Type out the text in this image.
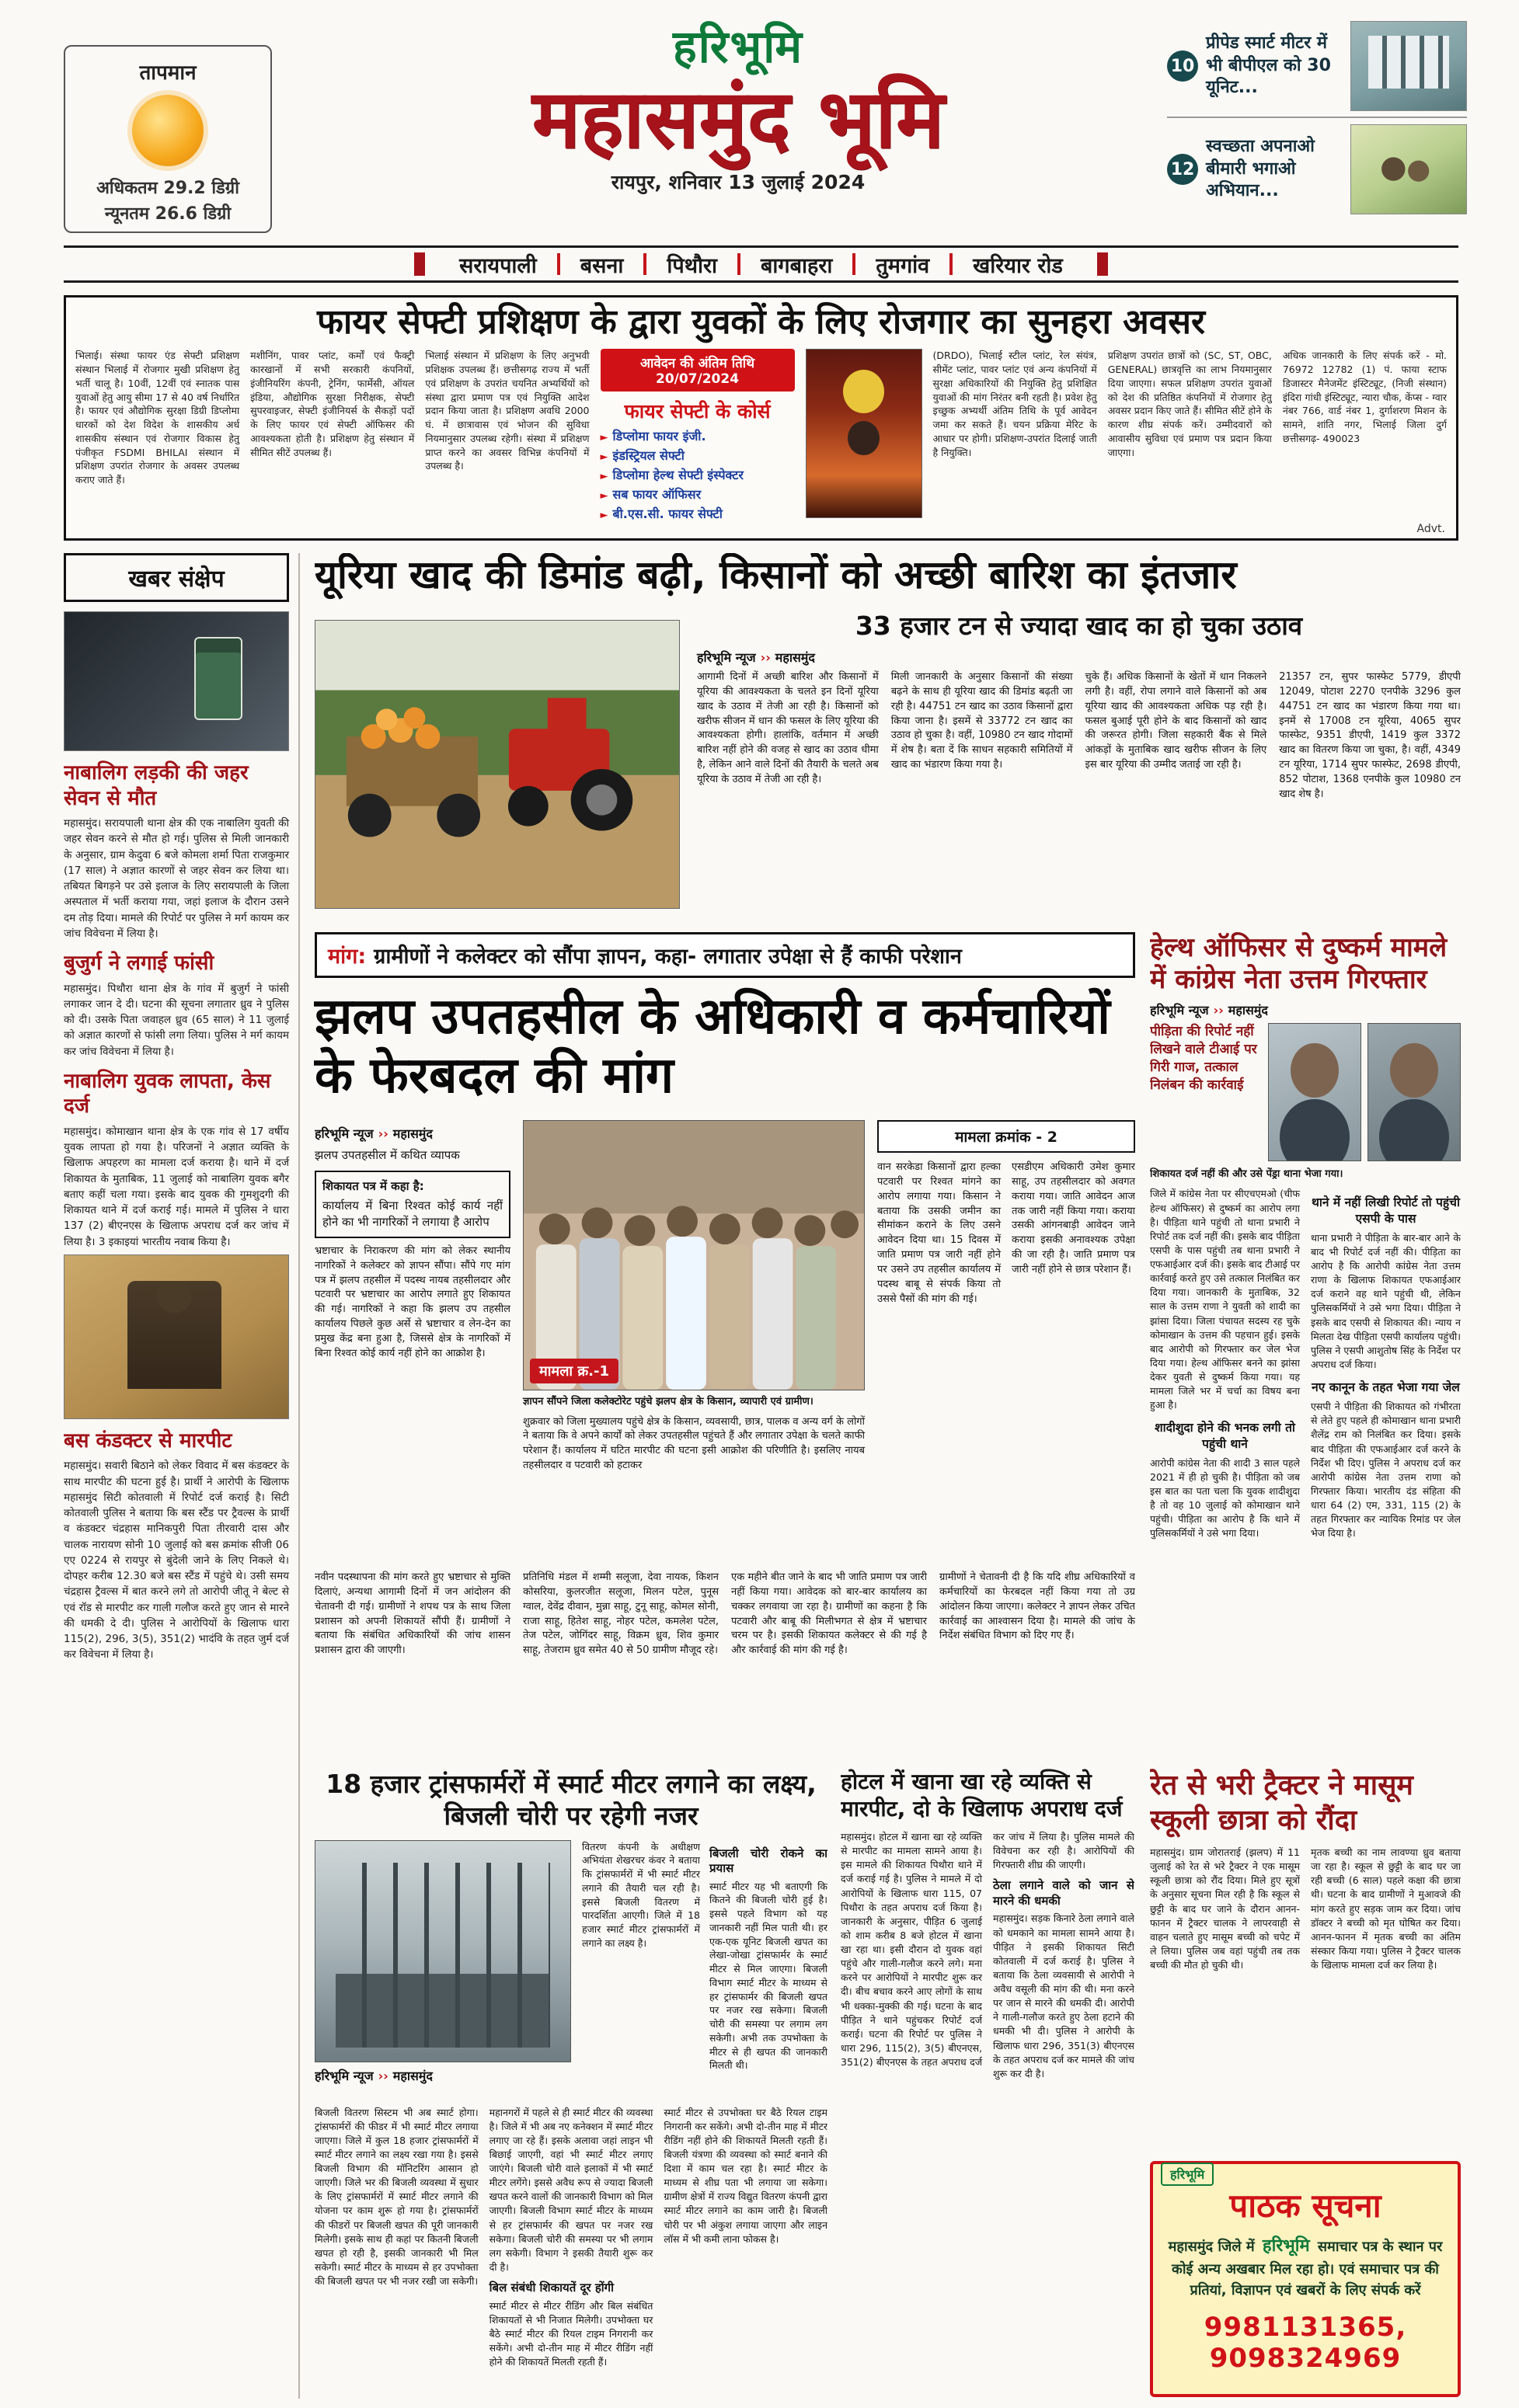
तापमान
अधिकतम 29.2 डिग्री
न्यूनतम 26.6 डिग्री
हरिभूमि
महासमुंद भूमि
रायपुर, शनिवार 13 जुलाई 2024
10
प्रीपेड स्मार्ट मीटर में भी बीपीएल को 30 यूनिट...
12
स्वच्छता अपनाओ बीमारी भगाओ अभियान...
सरायपाली	बसना	पिथौरा	बागबाहरा	तुमगांव	खरियार रोड
फायर सेफ्टी प्रशिक्षण के द्वारा युवकों के लिए रोजगार का सुनहरा अवसर
भिलाई। संस्था फायर एंड सेफ्टी प्रशिक्षण संस्थान भिलाई में रोजगार मुखी प्रशिक्षण हेतु भर्ती चालू है। 10वीं, 12वीं एवं स्नातक पास युवाओं हेतु आयु सीमा 17 से 40 वर्ष निर्धारित है। फायर एवं औद्योगिक सुरक्षा डिग्री डिप्लोमा धारकों को देश विदेश के शासकीय अर्ध शासकीय संस्थान एवं रोजगार विकास हेतु पंजीकृत FSDMI BHILAI संस्थान में प्रशिक्षण उपरांत रोजगार के अवसर उपलब्ध कराए जाते हैं।
मशीनिंग, पावर प्लांट, कर्मों एवं फैक्ट्री कारखानों में सभी सरकारी कंपनियों, इंजीनियरिंग कंपनी, ट्रेनिंग, फार्मेसी, ऑयल इंडिया, औद्योगिक सुरक्षा निरीक्षक, सेफ्टी सुपरवाइजर, सेफ्टी इंजीनियर्स के सैकड़ों पदों के लिए फायर एवं सेफ्टी ऑफिसर की आवश्यकता होती है। प्रशिक्षण हेतु संस्थान में सीमित सीटें उपलब्ध हैं।
भिलाई संस्थान में प्रशिक्षण के लिए अनुभवी प्रशिक्षक उपलब्ध हैं। छत्तीसगढ़ राज्य में भर्ती एवं प्रशिक्षण के उपरांत चयनित अभ्यर्थियों को संस्था द्वारा प्रमाण पत्र एवं नियुक्ति आदेश प्रदान किया जाता है। प्रशिक्षण अवधि 2000 घं. में छात्रावास एवं भोजन की सुविधा नियमानुसार उपलब्ध रहेगी। संस्था में प्रशिक्षण प्राप्त करने का अवसर विभिन्न कंपनियों में उपलब्ध है।
आवेदन की अंतिम तिथि 20/07/2024
फायर सेफ्टी के कोर्स
► डिप्लोमा फायर इंजी.
► इंडस्ट्रियल सेफ्टी
► डिप्लोमा हेल्थ सेफ्टी इंस्पेक्टर
► सब फायर ऑफिसर
► बी.एस.सी. फायर सेफ्टी
(DRDO), भिलाई स्टील प्लांट, रेल संयंत्र, सीमेंट प्लांट, पावर प्लांट एवं अन्य कंपनियों में सुरक्षा अधिकारियों की नियुक्ति हेतु प्रशिक्षित युवाओं की मांग निरंतर बनी रहती है। प्रवेश हेतु इच्छुक अभ्यर्थी अंतिम तिथि के पूर्व आवेदन जमा कर सकते हैं। चयन प्रक्रिया मेरिट के आधार पर होगी। प्रशिक्षण-उपरांत दिलाई जाती है नियुक्ति।
प्रशिक्षण उपरांत छात्रों को (SC, ST, OBC, GENERAL) छात्रवृत्ति का लाभ नियमानुसार दिया जाएगा। सफल प्रशिक्षण उपरांत युवाओं को देश की प्रतिष्ठित कंपनियों में रोजगार हेतु अवसर प्रदान किए जाते हैं। सीमित सीटें होने के कारण शीघ्र संपर्क करें। उम्मीदवारों को आवासीय सुविधा एवं प्रमाण पत्र प्रदान किया जाएगा।
अधिक जानकारी के लिए संपर्क करें - मो. 76972 12782 (1) पं. फाया स्टाफ डिजास्टर मैनेजमेंट इंस्टिट्यूट, (निजी संस्थान) इंदिरा गांधी इंस्टिट्यूट, न्यारा चौक, केंप्स - ग्वार नंबर 766, वार्ड नंबर 1, दुर्गाशरण मिशन के सामने, शांति नगर, भिलाई जिला दुर्ग छत्तीसगढ़- 490023
Advt.
खबर संक्षेप
नाबालिग लड़की की जहर सेवन से मौत
महासमुंद। सरायपाली थाना क्षेत्र की एक नाबालिग युवती की जहर सेवन करने से मौत हो गई। पुलिस से मिली जानकारी के अनुसार, ग्राम केदुवा 6 बजे कोमला शर्मा पिता राजकुमार (17 साल) ने अज्ञात कारणों से जहर सेवन कर लिया था। तबियत बिगड़ने पर उसे इलाज के लिए सरायपाली के जिला अस्पताल में भर्ती कराया गया, जहां इलाज के दौरान उसने दम तोड़ दिया। मामले की रिपोर्ट पर पुलिस ने मर्ग कायम कर जांच विवेचना में लिया है।
बुजुर्ग ने लगाई फांसी
महासमुंद। पिथौरा थाना क्षेत्र के गांव में बुजुर्ग ने फांसी लगाकर जान दे दी। घटना की सूचना लगातार ध्रुव ने पुलिस को दी। उसके पिता जवाहल ध्रुव (65 साल) ने 11 जुलाई को अज्ञात कारणों से फांसी लगा लिया। पुलिस ने मर्ग कायम कर जांच विवेचना में लिया है।
नाबालिग युवक लापता, केस दर्ज
महासमुंद। कोमाखान थाना क्षेत्र के एक गांव से 17 वर्षीय युवक लापता हो गया है। परिजनों ने अज्ञात व्यक्ति के खिलाफ अपहरण का मामला दर्ज कराया है। थाने में दर्ज शिकायत के मुताबिक, 11 जुलाई को नाबालिग युवक बगैर बताए कहीं चला गया। इसके बाद युवक की गुमशुदगी की शिकायत थाने में दर्ज कराई गई। मामले में पुलिस ने धारा 137 (2) बीएनएस के खिलाफ अपराध दर्ज कर जांच में लिया है। 3 इकाइयां भारतीय नवाब किया है।
बस कंडक्टर से मारपीट
महासमुंद। सवारी बिठाने को लेकर विवाद में बस कंडक्टर के साथ मारपीट की घटना हुई है। प्रार्थी ने आरोपी के खिलाफ महासमुंद सिटी कोतवाली में रिपोर्ट दर्ज कराई है। सिटी कोतवाली पुलिस ने बताया कि बस स्टैंड पर ट्रैवल्स के प्रार्थी व कंडक्टर चंद्रहास मानिकपुरी पिता तीरवारी दास और चालक नारायण सोनी 10 जुलाई को बस क्रमांक सीजी 06 एए 0224 से रायपुर से बुंदेली जाने के लिए निकले थे। दोपहर करीब 12.30 बजे बस स्टैंड में पहुंचे थे। उसी समय चंद्रहास ट्रैवल्स में बात करने लगे तो आरोपी जीतू ने बेल्ट से एवं रॉड से मारपीट कर गाली गलौज करते हुए जान से मारने की धमकी दे दी। पुलिस ने आरोपियों के खिलाफ धारा 115(2), 296, 3(5), 351(2) भादंवि के तहत जुर्म दर्ज कर विवेचना में लिया है।
यूरिया खाद की डिमांड बढ़ी, किसानों को अच्छी बारिश का इंतजार
33 हजार टन से ज्यादा खाद का हो चुका उठाव
हरिभूमि न्यूज ›› महासमुंद
आगामी दिनों में अच्छी बारिश और किसानों में यूरिया की आवश्यकता के चलते इन दिनों यूरिया खाद के उठाव में तेजी आ रही है। किसानों को खरीफ सीजन में धान की फसल के लिए यूरिया की आवश्यकता होगी। हालांकि, वर्तमान में अच्छी बारिश नहीं होने की वजह से खाद का उठाव धीमा है, लेकिन आने वाले दिनों की तैयारी के चलते अब यूरिया के उठाव में तेजी आ रही है।
मिली जानकारी के अनुसार किसानों की संख्या बढ़ने के साथ ही यूरिया खाद की डिमांड बढ़ती जा रही है। 44751 टन खाद का उठाव किसानों द्वारा किया जाना है। इसमें से 33772 टन खाद का उठाव हो चुका है। वहीं, 10980 टन खाद गोदामों में शेष है। बता दें कि साधन सहकारी समितियों में खाद का भंडारण किया गया है।
चुके हैं। अधिक किसानों के खेतों में धान निकलने लगी है। वहीं, रोपा लगाने वाले किसानों को अब यूरिया खाद की आवश्यकता अधिक पड़ रही है। फसल बुआई पूरी होने के बाद किसानों को खाद की जरूरत होगी। जिला सहकारी बैंक से मिले आंकड़ों के मुताबिक खाद खरीफ सीजन के लिए इस बार यूरिया की उम्मीद जताई जा रही है।
21357 टन, सुपर फास्फेट 5779, डीएपी 12049, पोटाश 2270 एनपीके 3296 कुल 44751 टन खाद का भंडारण किया गया था। इनमें से 17008 टन यूरिया, 4065 सुपर फास्फेट, 9351 डीएपी, 1419 कुल 3372 खाद का वितरण किया जा चुका, है। वहीं, 4349 टन यूरिया, 1714 सुपर फास्फेट, 2698 डीएपी, 852 पोटाश, 1368 एनपीके कुल 10980 टन खाद शेष है।
मांग: ग्रामीणों ने कलेक्टर को सौंपा ज्ञापन, कहा- लगातार उपेक्षा से हैं काफी परेशान
झलप उपतहसील के अधिकारी व कर्मचारियों के फेरबदल की मांग
हरिभूमि न्यूज ›› महासमुंद
झलप उपतहसील में कथित व्यापक
शिकायत पत्र में कहा है:
कार्यालय में बिना रिश्वत कोई कार्य नहीं होने का भी नागरिकों ने लगाया है आरोप
भ्रष्टाचार के निराकरण की मांग को लेकर स्थानीय नागरिकों ने कलेक्टर को ज्ञापन सौंपा। सौंपे गए मांग पत्र में झलप तहसील में पदस्थ नायब तहसीलदार और पटवारी पर भ्रष्टाचार का आरोप लगाते हुए शिकायत की गई। नागरिकों ने कहा कि झलप उप तहसील कार्यालय पिछले कुछ अर्से से भ्रष्टाचार व लेन-देन का प्रमुख केंद्र बना हुआ है, जिससे क्षेत्र के नागरिकों में बिना रिश्वत कोई कार्य नहीं होने का आक्रोश है।
मामला क्र.-1
ज्ञापन सौंपने जिला कलेक्टोरेट पहुंचे झलप क्षेत्र के किसान, व्यापारी एवं ग्रामीण।
शुक्रवार को जिला मुख्यालय पहुंचे क्षेत्र के किसान, व्यवसायी, छात्र, पालक व अन्य वर्ग के लोगों ने बताया कि वे अपने कार्यों को लेकर उपतहसील पहुंचते हैं और लगातार उपेक्षा के चलते काफी परेशान हैं। कार्यालय में घटित मारपीट की घटना इसी आक्रोश की परिणीति है। इसलिए नायब तहसीलदार व पटवारी को हटाकर
मामला क्रमांक - 2
वान सरकेडा किसानों द्वारा हल्का पटवारी पर रिश्वत मांगने का आरोप लगाया गया। किसान ने बताया कि उसकी जमीन का सीमांकन कराने के लिए उसने आवेदन दिया था। 15 दिवस में जाति प्रमाण पत्र जारी नहीं होने पर उसने उप तहसील कार्यालय में पदस्थ बाबू से संपर्क किया तो उससे पैसों की मांग की गई।
एसडीएम अधिकारी उमेश कुमार साहू, उप तहसीलदार को अवगत कराया गया। जाति आवेदन आज तक जारी नहीं किया गया। कराया उसकी आंगनबाड़ी आवेदन जाने कराया इसकी अनावश्यक उपेक्षा की जा रही है। जाति प्रमाण पत्र जारी नहीं होने से छात्र परेशान हैं।
नवीन पदस्थापना की मांग करते हुए भ्रष्टाचार से मुक्ति दिलाएं, अन्यथा आगामी दिनों में जन आंदोलन की चेतावनी दी गई। ग्रामीणों ने शपथ पत्र के साथ जिला प्रशासन को अपनी शिकायतें सौंपी हैं। ग्रामीणों ने बताया कि संबंधित अधिकारियों की जांच शासन प्रशासन द्वारा की जाएगी।
प्रतिनिधि मंडल में शम्मी सलूजा, देवा नायक, किशन कोसरिया, कुलरजीत सलूजा, मिलन पटेल, पुनूस ग्वाल, देवेंद्र दीवान, मुन्ना साहू, टुनू साहू, कोमल सोनी, राजा साहू, हितेश साहू, नोहर पटेल, कमलेश पटेल, तेज पटेल, जोगिंदर साहू, विक्रम ध्रुव, शिव कुमार साहू, तेजराम ध्रुव समेत 40 से 50 ग्रामीण मौजूद रहे।
एक महीने बीत जाने के बाद भी जाति प्रमाण पत्र जारी नहीं किया गया। आवेदक को बार-बार कार्यालय का चक्कर लगवाया जा रहा है। ग्रामीणों का कहना है कि पटवारी और बाबू की मिलीभगत से क्षेत्र में भ्रष्टाचार चरम पर है। इसकी शिकायत कलेक्टर से की गई है और कार्रवाई की मांग की गई है।
ग्रामीणों ने चेतावनी दी है कि यदि शीघ्र अधिकारियों व कर्मचारियों का फेरबदल नहीं किया गया तो उग्र आंदोलन किया जाएगा। कलेक्टर ने ज्ञापन लेकर उचित कार्रवाई का आश्वासन दिया है। मामले की जांच के निर्देश संबंधित विभाग को दिए गए हैं।
हेल्थ ऑफिसर से दुष्कर्म मामले में कांग्रेस नेता उत्तम गिरफ्तार
हरिभूमि न्यूज ›› महासमुंद
पीड़िता की रिपोर्ट नहीं लिखने वाले टीआई पर गिरी गाज, तत्काल निलंबन की कार्रवाई
शिकायत दर्ज नहीं की और उसे पेंड्रा थाना भेजा गया।
जिले में कांग्रेस नेता पर सीएचएमओ (चीफ हेल्थ ऑफिसर) से दुष्कर्म का आरोप लगा है। पीड़िता थाने पहुंची तो थाना प्रभारी ने रिपोर्ट तक दर्ज नहीं की। इसके बाद पीड़िता एसपी के पास पहुंची तब थाना प्रभारी ने एफआईआर दर्ज की। इसके बाद टीआई पर कार्रवाई करते हुए उसे तत्काल निलंबित कर दिया गया। जानकारी के मुताबिक, 32 साल के उत्तम राणा ने युवती को शादी का झांसा दिया। जिला पंचायत सदस्य रह चुके कोमाखान के उत्तम की पहचान हुई। इसके बाद आरोपी को गिरफ्तार कर जेल भेज दिया गया। हेल्थ ऑफिसर बनने का झांसा देकर युवती से दुष्कर्म किया गया। यह मामला जिले भर में चर्चा का विषय बना हुआ है।
शादीशुदा होने की भनक लगी तो पहुंची थाने
आरोपी कांग्रेस नेता की शादी 3 साल पहले 2021 में ही हो चुकी है। पीड़िता को जब इस बात का पता चला कि युवक शादीशुदा है तो वह 10 जुलाई को कोमाखान थाने पहुंची। पीड़िता का आरोप है कि थाने में पुलिसकर्मियों ने उसे भगा दिया।
थाने में नहीं लिखी रिपोर्ट तो पहुंची एसपी के पास
थाना प्रभारी ने पीड़िता के बार-बार आने के बाद भी रिपोर्ट दर्ज नहीं की। पीड़िता का आरोप है कि आरोपी कांग्रेस नेता उत्तम राणा के खिलाफ शिकायत एफआईआर दर्ज कराने वह थाने पहुंची थी, लेकिन पुलिसकर्मियों ने उसे भगा दिया। पीड़िता ने इसके बाद एसपी से शिकायत की। न्याय न मिलता देख पीड़िता एसपी कार्यालय पहुंची। पुलिस ने एसपी आशुतोष सिंह के निर्देश पर अपराध दर्ज किया।
नए कानून के तहत भेजा गया जेल
एसपी ने पीड़िता की शिकायत को गंभीरता से लेते हुए पहले ही कोमाखान थाना प्रभारी शैलेंद्र राम को निलंबित कर दिया। इसके बाद पीड़िता की एफआईआर दर्ज करने के निर्देश भी दिए। पुलिस ने अपराध दर्ज कर आरोपी कांग्रेस नेता उत्तम राणा को गिरफ्तार किया। भारतीय दंड संहिता की धारा 64 (2) एम, 331, 115 (2) के तहत गिरफ्तार कर न्यायिक रिमांड पर जेल भेज दिया है।
18 हजार ट्रांसफार्मरों में स्मार्ट मीटर लगाने का लक्ष्य, बिजली चोरी पर रहेगी नजर
हरिभूमि न्यूज ›› महासमुंद
वितरण कंपनी के अधीक्षण अभियंता शेखरचर कंवर ने बताया कि ट्रांसफार्मरों में भी स्मार्ट मीटर लगाने की तैयारी चल रही है। इससे बिजली वितरण में पारदर्शिता आएगी। जिले में 18 हजार स्मार्ट मीटर ट्रांसफार्मरों में लगाने का लक्ष्य है।
बिजली चोरी रोकने का प्रयास
स्मार्ट मीटर यह भी बताएगी कि कितने की बिजली चोरी हुई है। इससे पहले विभाग को यह जानकारी नहीं मिल पाती थी। हर एक-एक यूनिट बिजली खपत का लेखा-जोखा ट्रांसफार्मर के स्मार्ट मीटर से मिल जाएगा। बिजली विभाग स्मार्ट मीटर के माध्यम से हर ट्रांसफार्मर की बिजली खपत पर नजर रख सकेगा। बिजली चोरी की समस्या पर लगाम लग सकेगी। अभी तक उपभोक्ता के मीटर से ही खपत की जानकारी मिलती थी।
बिजली वितरण सिस्टम भी अब स्मार्ट होगा। ट्रांसफार्मरों की फीडर में भी स्मार्ट मीटर लगाया जाएगा। जिले में कुल 18 हजार ट्रांसफार्मरों में स्मार्ट मीटर लगाने का लक्ष्य रखा गया है। इससे बिजली विभाग की मॉनिटरिंग आसान हो जाएगी। जिले भर की बिजली व्यवस्था में सुधार के लिए ट्रांसफार्मरों में स्मार्ट मीटर लगाने की योजना पर काम शुरू हो गया है। ट्रांसफार्मरों की फीडरों पर बिजली खपत की पूरी जानकारी मिलेगी। इसके साथ ही कहां पर कितनी बिजली खपत हो रही है, इसकी जानकारी भी मिल सकेगी। स्मार्ट मीटर के माध्यम से हर उपभोक्ता की बिजली खपत पर भी नजर रखी जा सकेगी।
महानगरों में पहले से ही स्मार्ट मीटर की व्यवस्था है। जिले में भी अब नए कनेक्शन में स्मार्ट मीटर लगाए जा रहे हैं। इसके अलावा जहां लाइन भी बिछाई जाएगी, वहां भी स्मार्ट मीटर लगाए जाएंगे। बिजली चोरी वाले इलाकों में भी स्मार्ट मीटर लगेंगे। इससे अवैध रूप से ज्यादा बिजली खपत करने वालों की जानकारी विभाग को मिल जाएगी। बिजली विभाग स्मार्ट मीटर के माध्यम से हर ट्रांसफार्मर की खपत पर नजर रख सकेगा। बिजली चोरी की समस्या पर भी लगाम लग सकेगी। विभाग ने इसकी तैयारी शुरू कर दी है।
बिल संबंधी शिकायतें दूर होंगी
स्मार्ट मीटर से मीटर रीडिंग और बिल संबंधित शिकायतों से भी निजात मिलेगी। उपभोक्ता घर बैठे स्मार्ट मीटर की रियल टाइम निगरानी कर सकेंगे। अभी दो-तीन माह में मीटर रीडिंग नहीं होने की शिकायतें मिलती रहती हैं।
स्मार्ट मीटर से उपभोक्ता घर बैठे रियल टाइम निगरानी कर सकेंगे। अभी दो-तीन माह में मीटर रीडिंग नहीं होने की शिकायतें मिलती रहती हैं। बिजली यंत्रणा की व्यवस्था को स्मार्ट बनाने की दिशा में काम चल रहा है। स्मार्ट मीटर के माध्यम से शीघ्र पता भी लगाया जा सकेगा। ग्रामीण क्षेत्रों में राज्य विद्युत वितरण कंपनी द्वारा स्मार्ट मीटर लगाने का काम जारी है। बिजली चोरी पर भी अंकुश लगाया जाएगा और लाइन लॉस में भी कमी लाना फोकस है।
होटल में खाना खा रहे व्यक्ति से मारपीट, दो के खिलाफ अपराध दर्ज
महासमुंद। होटल में खाना खा रहे व्यक्ति से मारपीट का मामला सामने आया है। इस मामले की शिकायत पिथौरा थाने में दर्ज कराई गई है। पुलिस ने मामले में दो आरोपियों के खिलाफ धारा 115, 07 पिथौरा के तहत अपराध दर्ज किया है। जानकारी के अनुसार, पीड़ित 6 जुलाई को शाम करीब 8 बजे होटल में खाना खा रहा था। इसी दौरान दो युवक वहां पहुंचे और गाली-गलौज करने लगे। मना करने पर आरोपियों ने मारपीट शुरू कर दी। बीच बचाव करने आए लोगों के साथ भी धक्का-मुक्की की गई। घटना के बाद पीड़ित ने थाने पहुंचकर रिपोर्ट दर्ज कराई। घटना की रिपोर्ट पर पुलिस ने धारा 296, 115(2), 3(5) बीएनएस, 351(2) बीएनएस के तहत अपराध दर्ज कर जांच में लिया है। पुलिस मामले की विवेचना कर रही है। आरोपियों की गिरफ्तारी शीघ्र की जाएगी।
ठेला लगाने वाले को जान से मारने की धमकी
महासमुंद। सड़क किनारे ठेला लगाने वाले को धमकाने का मामला सामने आया है। पीड़ित ने इसकी शिकायत सिटी कोतवाली में दर्ज कराई है। पुलिस ने बताया कि ठेला व्यवसायी से आरोपी ने अवैध वसूली की मांग की थी। मना करने पर जान से मारने की धमकी दी। आरोपी ने गाली-गलौज करते हुए ठेला हटाने की धमकी भी दी। पुलिस ने आरोपी के खिलाफ धारा 296, 351(3) बीएनएस के तहत अपराध दर्ज कर मामले की जांच शुरू कर दी है।
रेत से भरी ट्रैक्टर ने मासूम स्कूली छात्रा को रौंदा
महासमुंद। ग्राम जोरातराई (झलप) में 11 जुलाई को रेत से भरे ट्रैक्टर ने एक मासूम स्कूली छात्रा को रौंद दिया। मिले हुए सूत्रों के अनुसार सूचना मिल रही है कि स्कूल से छुट्टी के बाद घर जाने के दौरान आनन-फानन में ट्रैक्टर चालक ने लापरवाही से वाहन चलाते हुए मासूम बच्ची को चपेट में ले लिया। पुलिस जब वहां पहुंची तब तक बच्ची की मौत हो चुकी थी।
मृतक बच्ची का नाम लावण्या ध्रुव बताया जा रहा है। स्कूल से छुट्टी के बाद घर जा रही बच्ची (6 साल) पहले कक्षा की छात्रा थी। घटना के बाद ग्रामीणों ने मुआवजे की मांग करते हुए सड़क जाम कर दिया। जांच डॉक्टर ने बच्ची को मृत घोषित कर दिया। आनन-फानन में मृतक बच्ची का अंतिम संस्कार किया गया। पुलिस ने ट्रैक्टर चालक के खिलाफ मामला दर्ज कर लिया है।
हरिभूमि
पाठक सूचना
महासमुंद जिले में हरिभूमि समाचार पत्र के स्थान पर कोई अन्य अखबार मिल रहा हो। एवं समाचार पत्र की प्रतियां, विज्ञापन एवं खबरों के लिए संपर्क करें
9981131365, 9098324969
